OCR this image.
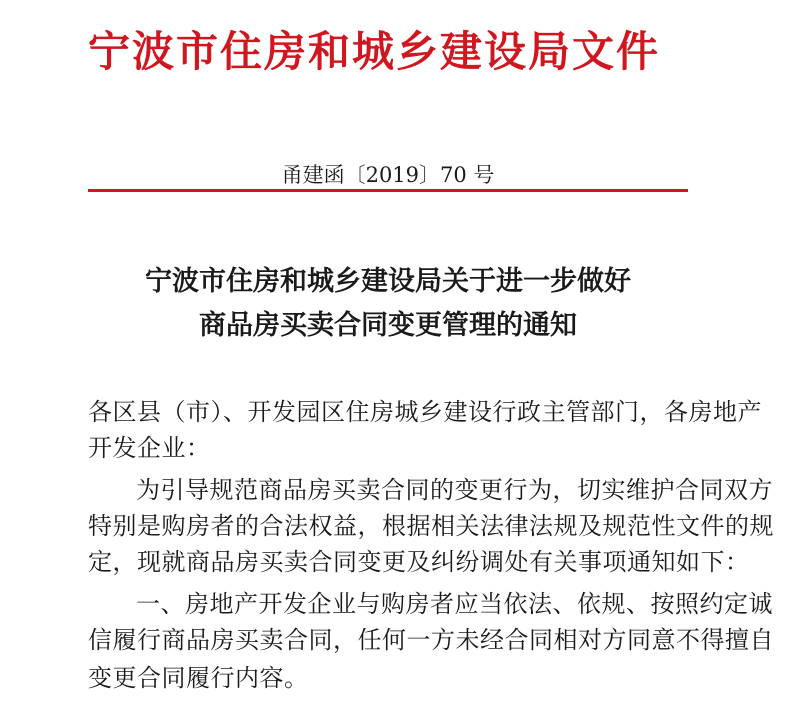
宁波市住房和城乡建设局文件
甬建函〔2019〕70 号
宁波市住房和城乡建设局关于进一步做好
商品房买卖合同变更管理的通知
各区县（市）、开发园区住房城乡建设行政主管部门，各房地产
开发企业：
为引导规范商品房买卖合同的变更行为，切实维护合同双方
特别是购房者的合法权益，根据相关法律法规及规范性文件的规
定，现就商品房买卖合同变更及纠纷调处有关事项通知如下：
一、房地产开发企业与购房者应当依法、依规、按照约定诚
信履行商品房买卖合同，任何一方未经合同相对方同意不得擅自
变更合同履行内容。
